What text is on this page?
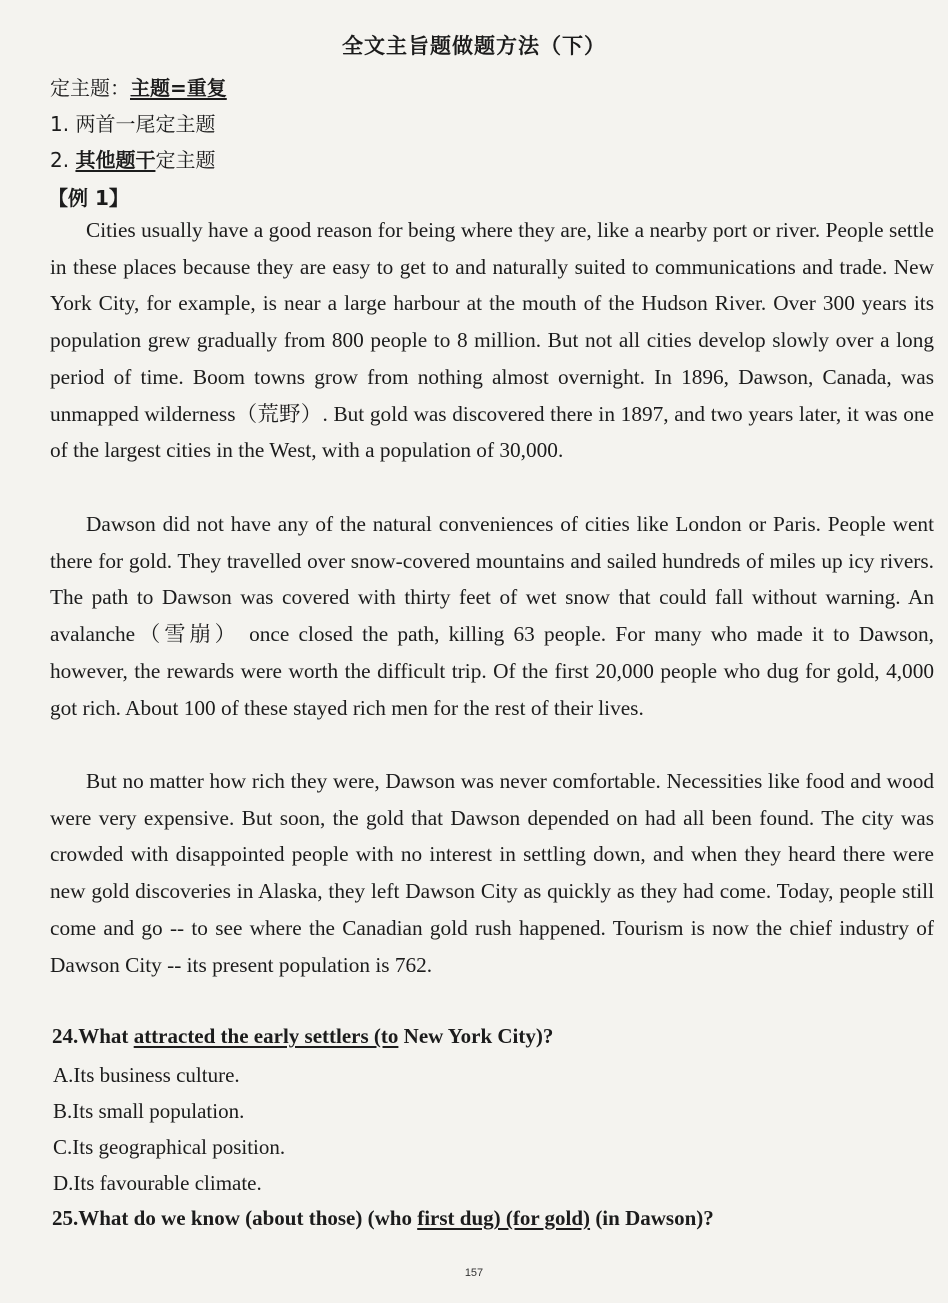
全文主旨题做题方法（下）
定主题：主题=重复
1. 两首一尾定主题
2. 其他题干定主题
【例 1】

Cities usually have a good reason for being where they are, like a nearby port or river. People settle in these places because they are easy to get to and naturally suited to communications and trade. New York City, for example, is near a large harbour at the mouth of the Hudson River. Over 300 years its population grew gradually from 800 people to 8 million. But not all cities develop slowly over a long period of time. Boom towns grow from nothing almost overnight. In 1896, Dawson, Canada, was unmapped wilderness（荒野）. But gold was discovered there in 1897, and two years later, it was one of the largest cities in the West, with a population of 30,000.

Dawson did not have any of the natural conveniences of cities like London or Paris. People went there for gold. They travelled over snow-covered mountains and sailed hundreds of miles up icy rivers. The path to Dawson was covered with thirty feet of wet snow that could fall without warning. An avalanche（雪崩） once closed the path, killing 63 people. For many who made it to Dawson, however, the rewards were worth the difficult trip. Of the first 20,000 people who dug for gold, 4,000 got rich. About 100 of these stayed rich men for the rest of their lives.

But no matter how rich they were, Dawson was never comfortable. Necessities like food and wood were very expensive. But soon, the gold that Dawson depended on had all been found. The city was crowded with disappointed people with no interest in settling down, and when they heard there were new gold discoveries in Alaska, they left Dawson City as quickly as they had come. Today, people still come and go -- to see where the Canadian gold rush happened. Tourism is now the chief industry of Dawson City -- its present population is 762.

24.What attracted the early settlers (to New York City)?
A.Its business culture.
B.Its small population.
C.Its geographical position.
D.Its favourable climate.
25.What do we know (about those) (who first dug) (for gold) (in Dawson)?
157
